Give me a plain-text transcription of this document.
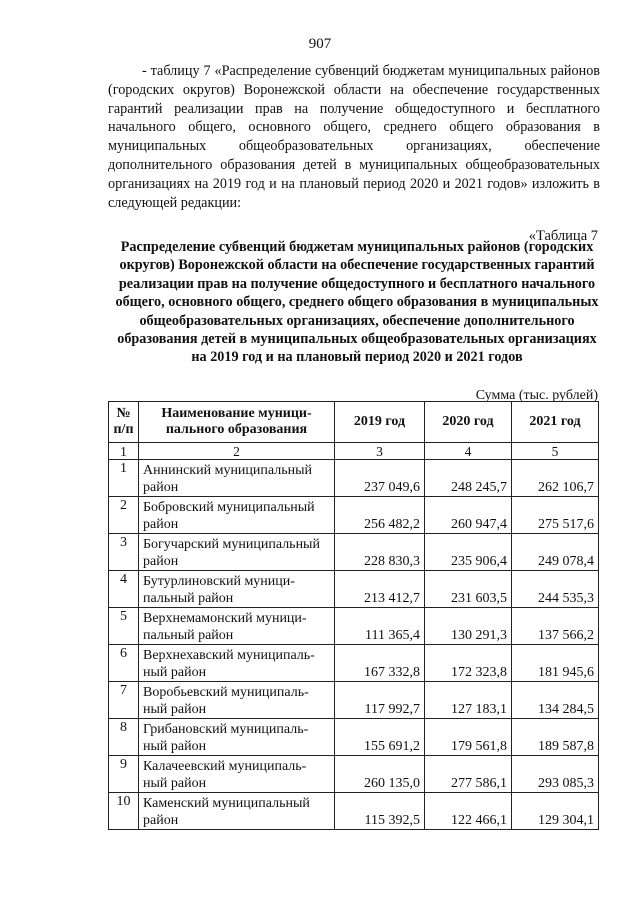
907
- таблицу 7 «Распределение субвенций бюджетам муниципальных районов (городских округов) Воронежской области на обеспечение государственных гарантий реализации прав на получение общедоступного и бесплатного начального общего, основного общего, среднего общего образования в муниципальных общеобразовательных организациях, обеспечение дополнительного образования детей в муниципальных общеобразовательных организациях на 2019 год и на плановый период 2020 и 2021 годов» изложить в следующей редакции:
«Таблица 7
Распределение субвенций бюджетам муниципальных районов (городских округов) Воронежской области на обеспечение государственных гарантий реализации прав на получение общедоступного и бесплатного начального общего, основного общего, среднего общего образования в муниципальных общеобразовательных организациях, обеспечение дополнительного образования детей в муниципальных общеобразовательных организациях на 2019 год и на плановый период 2020 и 2021 годов
Сумма (тыс. рублей)
№ п/п	Наименование муници-пального образования	2019 год	2020 год	2021 год
1	2	3	4	5
1	Аннинский муниципальный район	237 049,6	248 245,7	262 106,7
2	Бобровский муниципальный район	256 482,2	260 947,4	275 517,6
3	Богучарский муниципальный район	228 830,3	235 906,4	249 078,4
4	Бутурлиновский муници-пальный район	213 412,7	231 603,5	244 535,3
5	Верхнемамонский муници-пальный район	111 365,4	130 291,3	137 566,2
6	Верхнехавский муниципаль-ный район	167 332,8	172 323,8	181 945,6
7	Воробьевский муниципаль-ный район	117 992,7	127 183,1	134 284,5
8	Грибановский муниципаль-ный район	155 691,2	179 561,8	189 587,8
9	Калачеевский муниципаль-ный район	260 135,0	277 586,1	293 085,3
10	Каменский муниципальный район	115 392,5	122 466,1	129 304,1
